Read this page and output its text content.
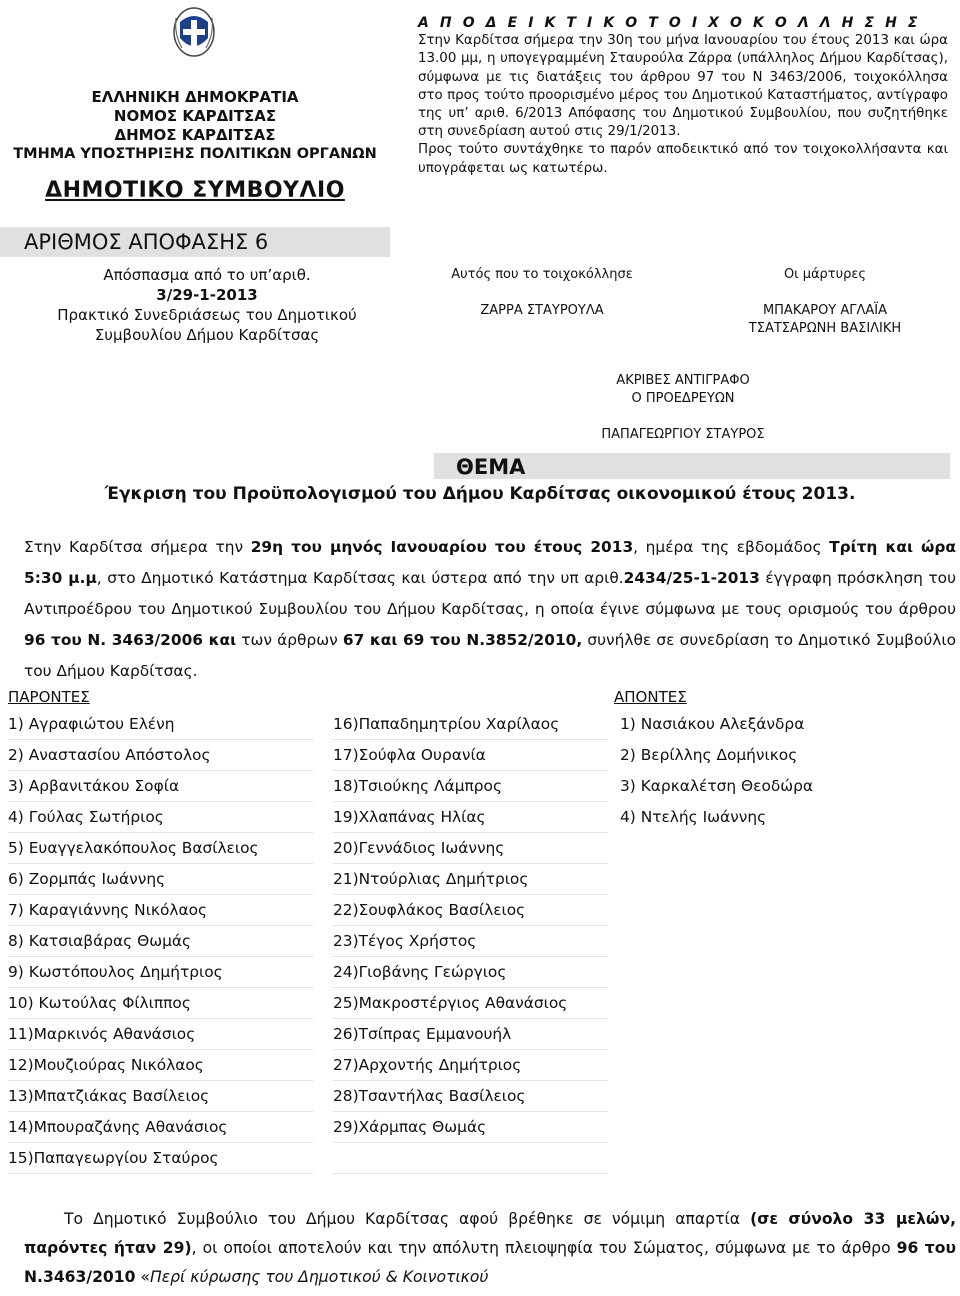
ΕΛΛΗΝΙΚΗ ΔΗΜΟΚΡΑΤΙΑ
ΝΟΜΟΣ ΚΑΡΔΙΤΣΑΣ
ΔΗΜΟΣ ΚΑΡΔΙΤΣΑΣ
ΤΜΗΜΑ ΥΠΟΣΤΗΡΙΞΗΣ ΠΟΛΙΤΙΚΩΝ ΟΡΓΑΝΩΝ
ΔΗΜΟΤΙΚΟ ΣΥΜΒΟΥΛΙΟ
Α Π Ο Δ Ε Ι Κ Τ Ι Κ Ο Τ Ο Ι Χ Ο Κ Ο Λ Λ Η Σ Η Σ

Στην Καρδίτσα σήμερα την 30η του μήνα Ιανουαρίου του έτους 2013 και ώρα 13.00 μμ, η υπογεγραμμένη Σταυρούλα Ζάρρα (υπάλληλος Δήμου Καρδίτσας), σύμφωνα με τις διατάξεις του άρθρου 97 του Ν 3463/2006, τοιχοκόλλησα στο προς τούτο προορισμένο μέρος του Δημοτικού Καταστήματος, αντίγραφο της υπ’ αριθ. 6/2013 Απόφασης του Δημοτικού Συμβουλίου, που συζητήθηκε στη συνεδρίαση αυτού στις 29/1/2013.

Προς τούτο συντάχθηκε το παρόν αποδεικτικό από τον τοιχοκολλήσαντα και υπογράφεται ως κατωτέρω.

ΑΡΙΘΜΟΣ ΑΠΟΦΑΣΗΣ 6
Απόσπασμα από το υπ’αριθ.
3/29-1-2013
Πρακτικό Συνεδριάσεως του Δημοτικού
Συμβουλίου Δήμου Καρδίτσας
Αυτός που το τοιχοκόλλησε
ΖΑΡΡΑ ΣΤΑΥΡΟΥΛΑ
Οι μάρτυρες
ΜΠΑΚΑΡΟΥ ΑΓΛΑΪΑ
ΤΣΑΤΣΑΡΩΝΗ ΒΑΣΙΛΙΚΗ
ΑΚΡΙΒΕΣ ΑΝΤΙΓΡΑΦΟ
Ο ΠΡΟΕΔΡΕΥΩΝ
ΠΑΠΑΓΕΩΡΓΙΟΥ ΣΤΑΥΡΟΣ
ΘΕΜΑ
Έγκριση του Προϋπολογισμού του Δήμου Καρδίτσας οικονομικού έτους 2013.
Στην Καρδίτσα σήμερα την 29η του μηνός Ιανουαρίου του έτους 2013, ημέρα της εβδομάδος Τρίτη και ώρα 5:30 μ.μ, στο Δημοτικό Κατάστημα Καρδίτσας και ύστερα από την υπ αριθ.2434/25-1-2013 έγγραφη πρόσκληση του Αντιπροέδρου του Δημοτικού Συμβουλίου του Δήμου Καρδίτσας, η οποία έγινε σύμφωνα με τους ορισμούς του άρθρου 96 του Ν. 3463/2006 και των άρθρων 67 και 69 του Ν.3852/2010, συνήλθε σε συνεδρίαση το Δημοτικό Συμβούλιο του Δήμου Καρδίτσας.
ΠΑΡΟΝΤΕΣ	ΑΠΟΝΤΕΣ
1) Αγραφιώτου Ελένη
2) Αναστασίου Απόστολος
3) Αρβανιτάκου Σοφία
4) Γούλας Σωτήριος
5) Ευαγγελακόπουλος Βασίλειος
6) Ζορμπάς Ιωάννης
7) Καραγιάννης Νικόλαος
8) Κατσιαβάρας Θωμάς
9) Κωστόπουλος Δημήτριος
10) Κωτούλας Φίλιππος
11)Μαρκινός Αθανάσιος
12)Μουζιούρας Νικόλαος
13)Μπατζιάκας Βασίλειος
14)Μπουραζάνης Αθανάσιος
15)Παπαγεωργίου Σταύρος
16)Παπαδημητρίου Χαρίλαος
17)Σούφλα Ουρανία
18)Τσιούκης Λάμπρος
19)Χλαπάνας Ηλίας
20)Γεννάδιος Ιωάννης
21)Ντούρλιας Δημήτριος
22)Σουφλάκος Βασίλειος
23)Τέγος Χρήστος
24)Γιοβάνης Γεώργιος
25)Μακροστέργιος Αθανάσιος
26)Τσίπρας Εμμανουήλ
27)Αρχοντής Δημήτριος
28)Τσαντήλας Βασίλειος
29)Χάρμπας Θωμάς
1) Νασιάκου Αλεξάνδρα
2) Βερίλλης Δομήνικος
3) Καρκαλέτση Θεοδώρα
4) Ντελής Ιωάννης
Το Δημοτικό Συμβούλιο του Δήμου Καρδίτσας αφού βρέθηκε σε νόμιμη απαρτία (σε σύνολο 33 μελών, παρόντες ήταν 29), οι οποίοι αποτελούν και την απόλυτη πλειοψηφία του Σώματος, σύμφωνα με το άρθρο 96 του Ν.3463/2010 «Περί κύρωσης του Δημοτικού & Κοινοτικού
